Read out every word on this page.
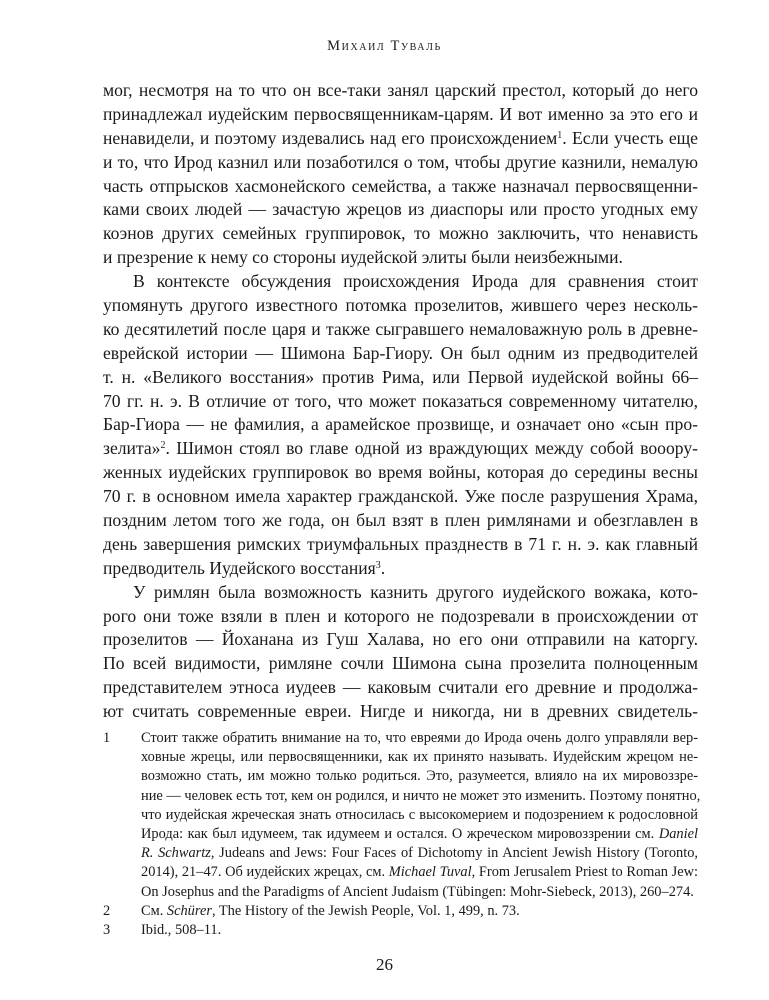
Михаил Туваль
мог, несмотря на то что он все-таки занял царский престол, который до него
принадлежал иудейским первосвященникам-царям. И вот именно за это его и
ненавидели, и поэтому издевались над его происхождением$^1$. Если учесть еще
и то, что Ирод казнил или позаботился о том, чтобы другие казнили, немалую
часть отпрысков хасмонейского семейства, а также назначал первосвященни-
ками своих людей — зачастую жрецов из диаспоры или просто угодных ему
коэнов других семейных группировок, то можно заключить, что ненависть
и презрение к нему со стороны иудейской элиты были неизбежными.
В контексте обсуждения происхождения Ирода для сравнения стоит
упомянуть другого известного потомка прозелитов, жившего через несколь-
ко десятилетий после царя и также сыгравшего немаловажную роль в древне-
еврейской истории — Шимона Бар-Гиору. Он был одним из предводителей
т. н. «Великого восстания» против Рима, или Первой иудейской войны 66–
70 гг. н. э. В отличие от того, что может показаться современному читателю,
Бар-Гиора — не фамилия, а арамейское прозвище, и означает оно «сын про-
зелита»$^2$. Шимон стоял во главе одной из враждующих между собой вооору-
женных иудейских группировок во время войны, которая до середины весны
70 г. в основном имела характер гражданской. Уже после разрушения Храма,
поздним летом того же года, он был взят в плен римлянами и обезглавлен в
день завершения римских триумфальных празднеств в 71 г. н. э. как главный
предводитель Иудейского восстания$^3$.
У римлян была возможность казнить другого иудейского вожака, кото-
рого они тоже взяли в плен и которого не подозревали в происхождении от
прозелитов — Йоханана из Гуш Халава, но его они отправили на каторгу.
По всей видимости, римляне сочли Шимона сына прозелита полноценным
представителем этноса иудеев — каковым считали его древние и продолжа-
ют считать современные евреи. Нигде и никогда, ни в древних свидетель-
1	Стоит также обратить внимание на то, что евреями до Ирода очень долго управляли вер-
ховные жрецы, или первосвященники, как их принято называть. Иудейским жрецом не-
возможно стать, им можно только родиться. Это, разумеется, влияло на их мировоззре-
ние — человек есть тот, кем он родился, и ничто не может это изменить. Поэтому понятно,
что иудейская жреческая знать относилась с высокомерием и подозрением к родословной
Ирода: как был идумеем, так идумеем и остался. О жреческом мировоззрении см. Daniel
R. Schwartz, Judeans and Jews: Four Faces of Dichotomy in Ancient Jewish History (Toronto,
2014), 21–47. Об иудейских жрецах, см. Michael Tuval, From Jerusalem Priest to Roman Jew:
On Josephus and the Paradigms of Ancient Judaism (Tübingen: Mohr-Siebeck, 2013), 260–274.
2	См. Schürer, The History of the Jewish People, Vol. 1, 499, n. 73.
3	Ibid., 508–11.
26
